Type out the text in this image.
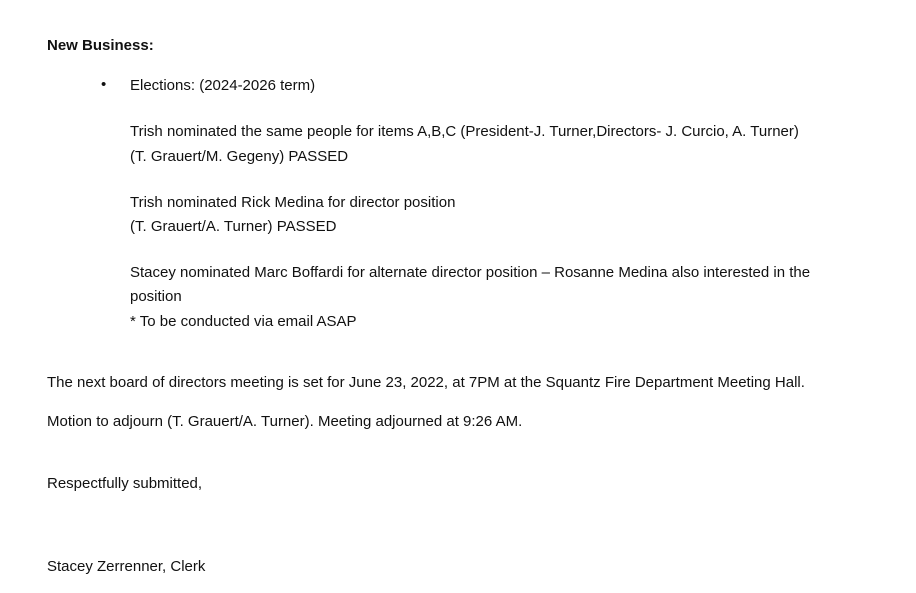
New Business:
• Elections: (2024-2026 term)
Trish nominated the same people for items A,B,C (President-J. Turner,Directors- J. Curcio, A. Turner)
(T. Grauert/M. Gegeny) PASSED
Trish nominated Rick Medina for director position
(T. Grauert/A. Turner) PASSED
Stacey nominated Marc Boffardi for alternate director position – Rosanne Medina also interested in the
position
* To be conducted via email ASAP
The next board of directors meeting is set for June 23, 2022, at 7PM at the Squantz Fire Department Meeting Hall.
Motion to adjourn (T. Grauert/A. Turner). Meeting adjourned at 9:26 AM.
Respectfully submitted,
Stacey Zerrenner, Clerk
